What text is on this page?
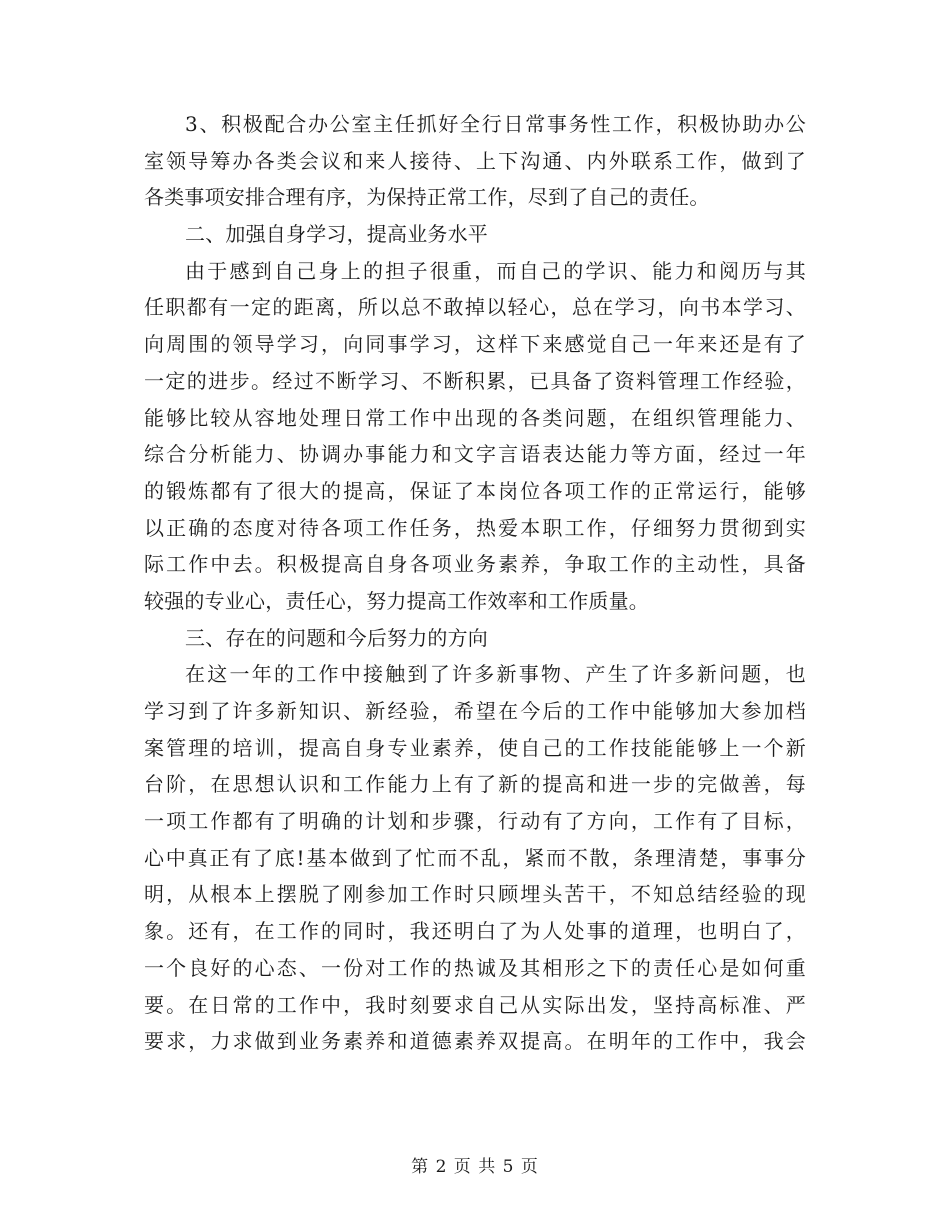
3、积极配合办公室主任抓好全行日常事务性工作，积极协助办公
室领导筹办各类会议和来人接待、上下沟通、内外联系工作，做到了
各类事项安排合理有序，为保持正常工作，尽到了自己的责任。
二、加强自身学习，提高业务水平
由于感到自己身上的担子很重，而自己的学识、能力和阅历与其
任职都有一定的距离，所以总不敢掉以轻心，总在学习，向书本学习、
向周围的领导学习，向同事学习，这样下来感觉自己一年来还是有了
一定的进步。经过不断学习、不断积累，已具备了资料管理工作经验，
能够比较从容地处理日常工作中出现的各类问题，在组织管理能力、
综合分析能力、协调办事能力和文字言语表达能力等方面，经过一年
的锻炼都有了很大的提高，保证了本岗位各项工作的正常运行，能够
以正确的态度对待各项工作任务，热爱本职工作，仔细努力贯彻到实
际工作中去。积极提高自身各项业务素养，争取工作的主动性，具备
较强的专业心，责任心，努力提高工作效率和工作质量。
三、存在的问题和今后努力的方向
在这一年的工作中接触到了许多新事物、产生了许多新问题，也
学习到了许多新知识、新经验，希望在今后的工作中能够加大参加档
案管理的培训，提高自身专业素养，使自己的工作技能能够上一个新
台阶，在思想认识和工作能力上有了新的提高和进一步的完做善，每
一项工作都有了明确的计划和步骤，行动有了方向，工作有了目标，
心中真正有了底!基本做到了忙而不乱，紧而不散，条理清楚，事事分
明，从根本上摆脱了刚参加工作时只顾埋头苦干，不知总结经验的现
象。还有，在工作的同时，我还明白了为人处事的道理，也明白了，
一个良好的心态、一份对工作的热诚及其相形之下的责任心是如何重
要。在日常的工作中，我时刻要求自己从实际出发，坚持高标准、严
要求，力求做到业务素养和道德素养双提高。在明年的工作中，我会
第 2 页 共 5 页
